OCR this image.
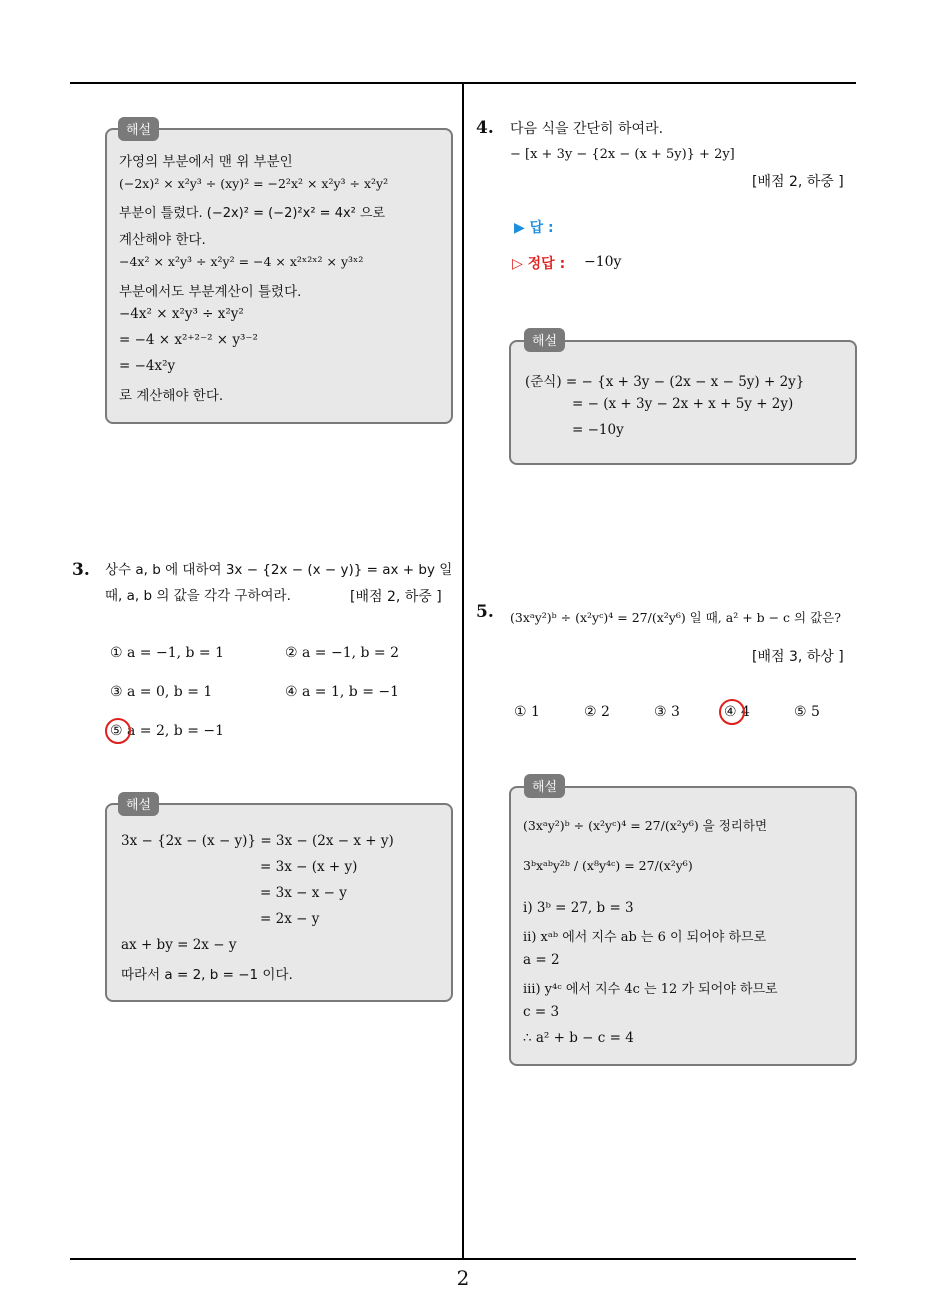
2
가영의 부분에서 맨 위 부분인
(−2x)² × x²y³ ÷ (xy)² = −2²x² × x²y³ ÷ x²y²
부분이 틀렸다. (−2x)² = (−2)²x² = 4x² 으로
계산해야 한다.
−4x² × x²y³ ÷ x²y² = −4 × x²ˣ²ˣ² × y³ˣ²
부분에서도 부분계산이 틀렸다.
−4x² × x²y³ ÷ x²y²
= −4 × x²⁺²⁻² × y³⁻²
= −4x²y
로 계산해야 한다.
해설
3. 상수 a, b 에 대하여 3x − {2x − (x − y)} = ax + by 일
때, a, b 의 값을 각각 구하여라.	[배점 2, 하중 ]
① a = −1, b = 1	② a = −1, b = 2
③ a = 0, b = 1	④ a = 1, b = −1
⑤ a = 2, b = −1
3x − {2x − (x − y)} = 3x − (2x − x + y)
= 3x − (x + y)
= 3x − x − y
= 2x − y
ax + by = 2x − y
따라서 a = 2, b = −1 이다.
해설
4. 다음 식을 간단히 하여라.
− [x + 3y − {2x − (x + 5y)} + 2y]
[배점 2, 하중 ]
▶ 답 :
▷ 정답 : −10y
(준식) = − {x + 3y − (2x − x − 5y) + 2y}
= − (x + 3y − 2x + x + 5y + 2y)
= −10y
해설
5. (3xᵃy²)ᵇ ÷ (x²yᶜ)⁴ = 27/(x²y⁶) 일 때, a² + b − c 의 값은?
[배점 3, 하상 ]
① 1	② 2	③ 3	④ 4	⑤ 5
(3xᵃy²)ᵇ ÷ (x²yᶜ)⁴ = 27/(x²y⁶) 을 정리하면
3ᵇxᵃᵇy²ᵇ / (x⁸y⁴ᶜ) = 27/(x²y⁶)
ⅰ) 3ᵇ = 27, b = 3
ⅱ) xᵃᵇ 에서 지수 ab 는 6 이 되어야 하므로
a = 2
ⅲ) y⁴ᶜ 에서 지수 4c 는 12 가 되어야 하므로
c = 3
∴ a² + b − c = 4
해설
